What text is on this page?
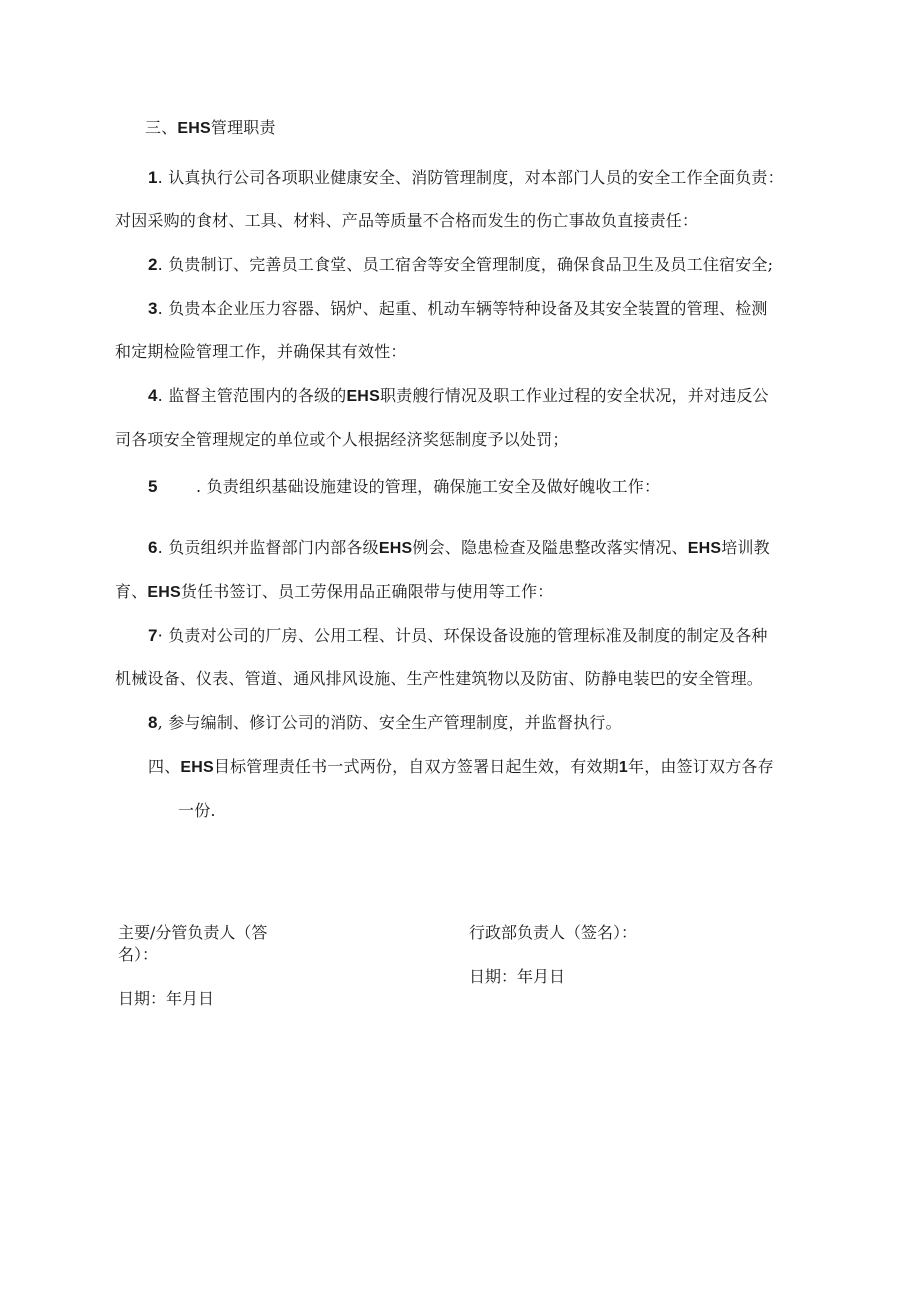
三、EHS管理职责
1. 认真执行公司各项职业健康安全、消防管理制度，对本部门人员的安全工作全面负责：
对因采购的食材、工具、材料、产品等质量不合格而发生的伤亡事故负直接责任：
2. 负贵制订、完善员工食堂、员工宿舍等安全管理制度，确保食品卫生及员工住宿安全;
3. 负贵本企业压力容器、锅炉、起重、机动车辆等特种设备及其安全装置的管理、检测
和定期检险管理工作，并确保其有效性：
4. 监督主管范围内的各级的EHS职责艘行情况及职工作业过程的安全状况，并对违反公
司各项安全管理规定的单位或个人根据经济奖惩制度予以处罚；
5 . 负责组织基础设施建设的管理，确保施工安全及做好魄收工作：
6. 负贡组织并监督部门内部各级EHS例会、隐患检查及隘患整改落实情况、EHS培训教
育、EHS货任书签订、员工劳保用品正确限带与使用等工作：
7· 负责对公司的厂房、公用工程、计员、环保设备设施的管理标准及制度的制定及各种
机械设备、仪表、管道、通风排风设施、生产性建筑物以及防宙、防静电装巴的安全管理。
8, 参与编制、修订公司的消防、安全生产管理制度，并监督执行。
四、EHS目标管理责任书一式两份，自双方签署日起生效，有效期1年，由签订双方各存
一份.
主要/分管负责人（答
名）：
日期：年月日
行政部负责人（签名）：
日期：年月日
